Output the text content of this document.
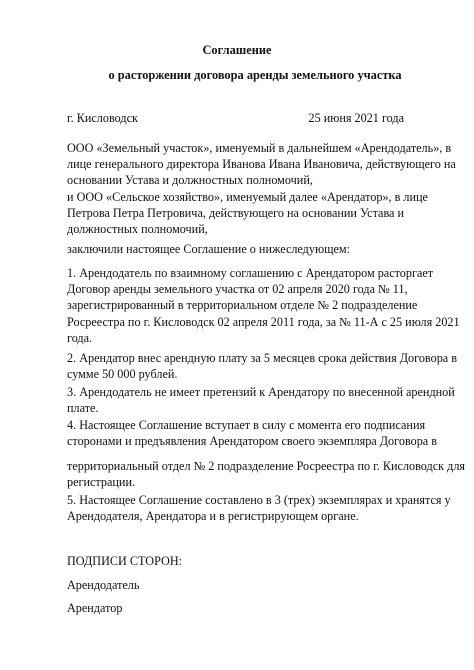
Соглашение
о расторжении договора аренды земельного участка
г. Кисловодск	25 июня 2021 года
ООО «Земельный участок», именуемый в дальнейшем «Арендодатель», в
лице генерального директора Иванова Ивана Ивановича, действующего на
основании Устава и должностных полномочий,
и ООО «Сельское хозяйство», именуемый далее «Арендатор», в лице
Петрова Петра Петровича, действующего на основании Устава и
должностных полномочий,
заключили настоящее Соглашение о нижеследующем:
1. Арендодатель по взаимному соглашению с Арендатором расторгает
Договор аренды земельного участка от 02 апреля 2020 года № 11,
зарегистрированный в территориальном отделе № 2 подразделение
Росреестра по г. Кисловодск 02 апреля 2011 года, за № 11-А с 25 июля 2021
года.
2. Арендатор внес арендную плату за 5 месяцев срока действия Договора в
сумме 50 000 рублей.
3. Арендодатель не имеет претензий к Арендатору по внесенной арендной
плате.
4. Настоящее Соглашение вступает в силу с момента его подписания
сторонами и предъявления Арендатором своего экземпляра Договора в
территориальный отдел № 2 подразделение Росреестра по г. Кисловодск для
регистрации.
5. Настоящее Соглашение составлено в 3 (трех) экземплярах и хранятся у
Арендодателя, Арендатора и в регистрирующем органе.
ПОДПИСИ СТОРОН:
Арендодатель
Арендатор
